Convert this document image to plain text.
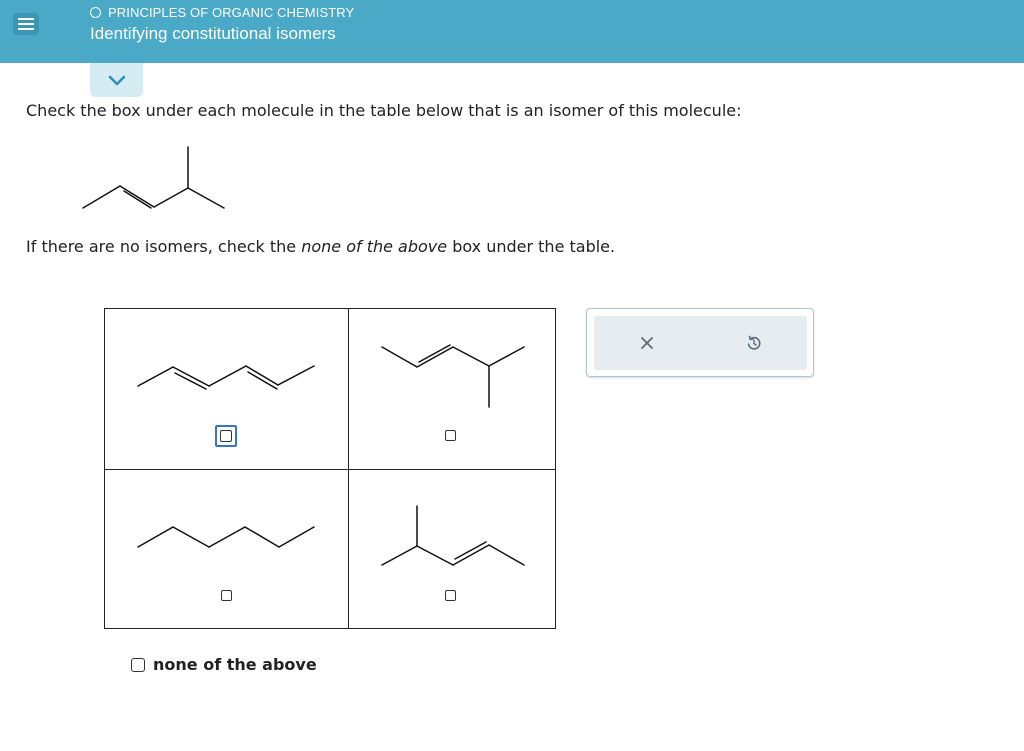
PRINCIPLES OF ORGANIC CHEMISTRY
Identifying constitutional isomers
Check the box under each molecule in the table below that is an isomer of this molecule:
If there are no isomers, check the none of the above box under the table.
none of the above
